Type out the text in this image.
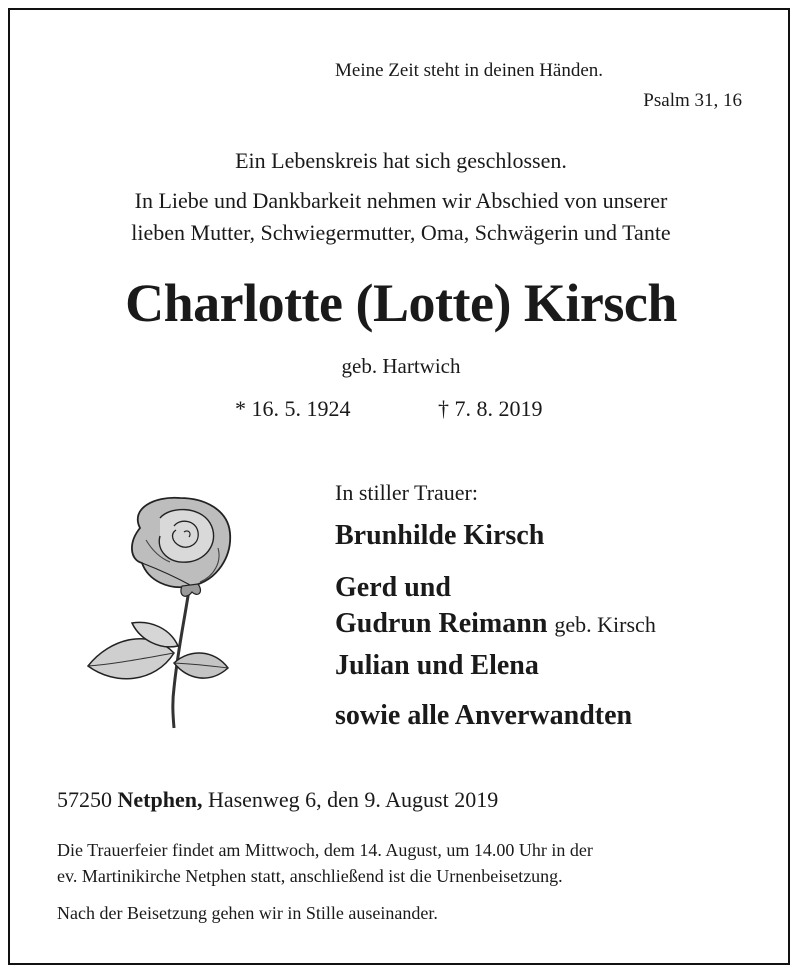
Meine Zeit steht in deinen Händen.
Psalm 31, 16
Ein Lebenskreis hat sich geschlossen.
In Liebe und Dankbarkeit nehmen wir Abschied von unserer
lieben Mutter, Schwiegermutter, Oma, Schwägerin und Tante
Charlotte (Lotte) Kirsch
geb. Hartwich
* 16. 5. 1924	† 7. 8. 2019
In stiller Trauer:
Brunhilde Kirsch
Gerd und
Gudrun Reimann geb. Kirsch
Julian und Elena
sowie alle Anverwandten
57250 Netphen, Hasenweg 6, den 9. August 2019
Die Trauerfeier findet am Mittwoch, dem 14. August, um 14.00 Uhr in der
ev. Martinikirche Netphen statt, anschließend ist die Urnenbeisetzung.
Nach der Beisetzung gehen wir in Stille auseinander.
